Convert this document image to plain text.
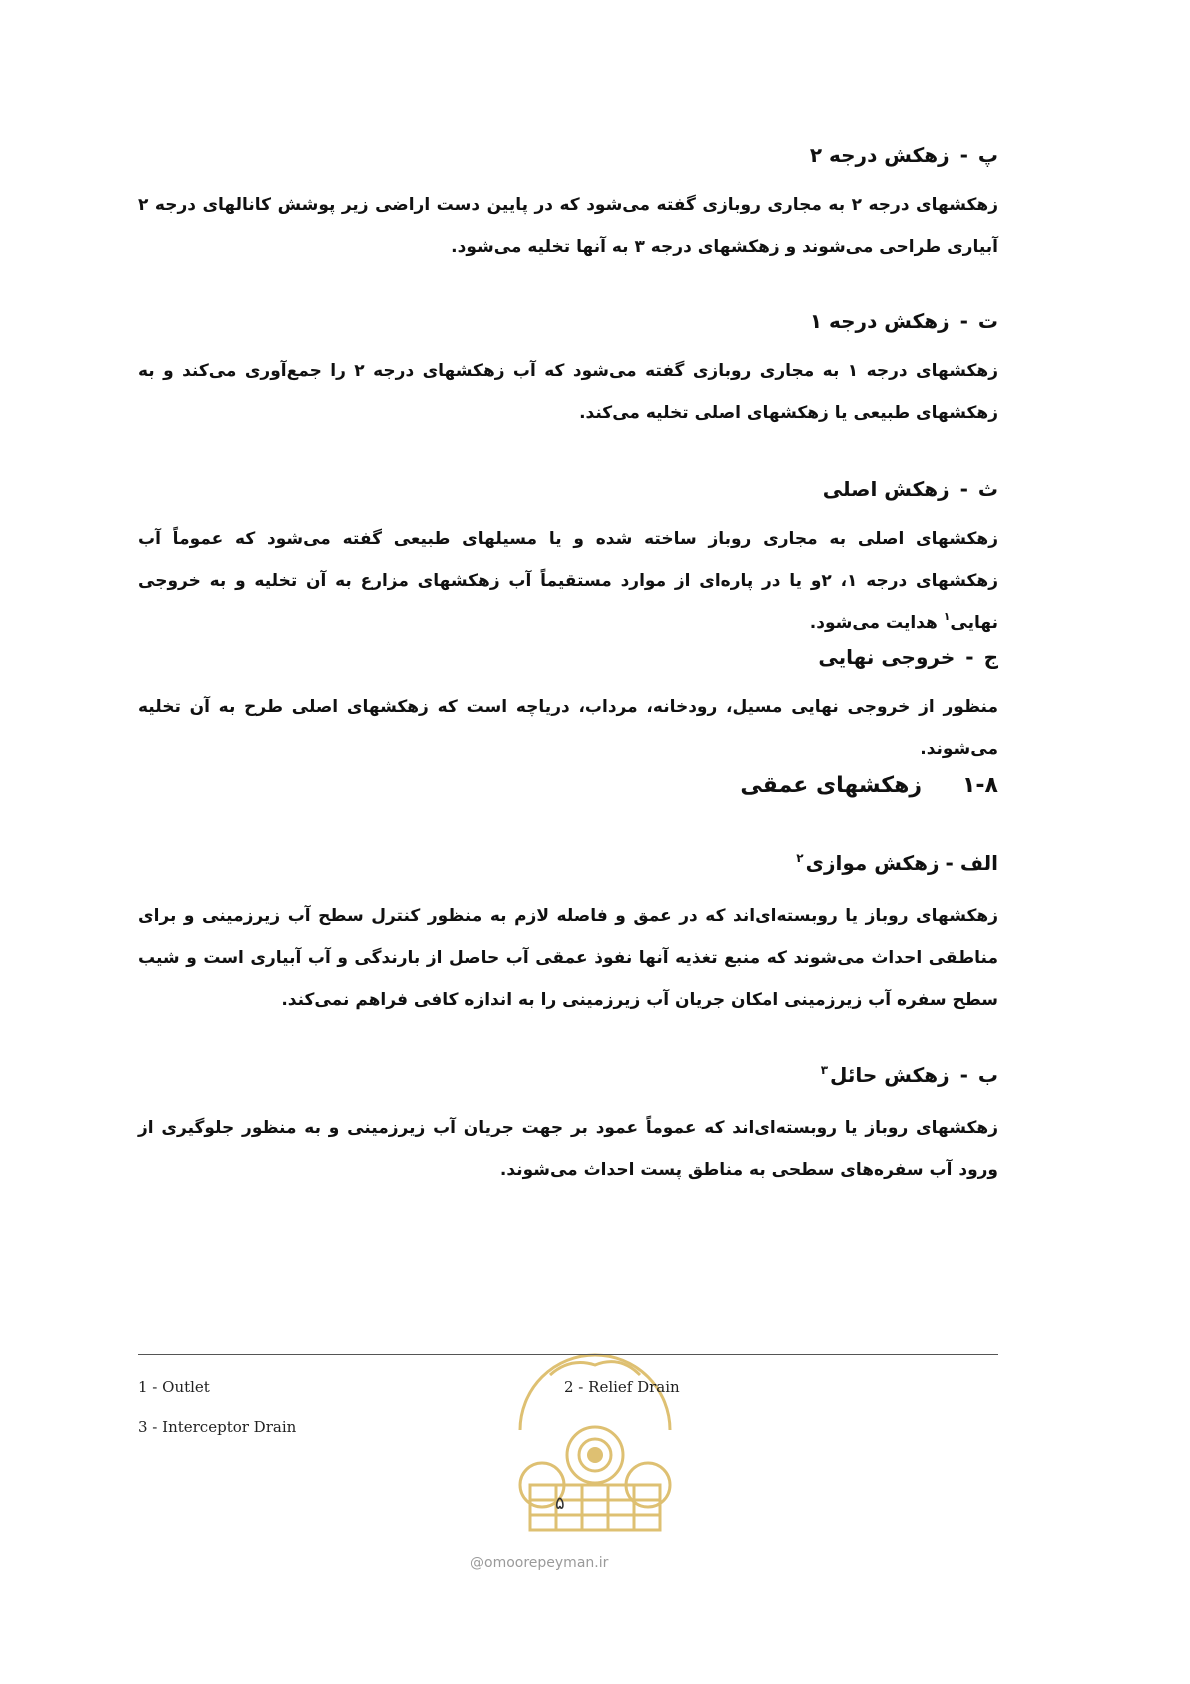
پ-زهکش درجه ۲
زهکشهای درجه ۲ به مجاری روبازی گفته می‌شود که در پایین دست اراضی زیر پوشش کانالهای درجه ۲ آبیاری طراحی می‌شوند و زهکشهای درجه ۳ به آنها تخلیه می‌شود.
ت-زهکش درجه ۱
زهکشهای درجه ۱ به مجاری روبازی گفته می‌شود که آب زهکشهای درجه ۲ را جمع‌آوری می‌کند و به زهکشهای طبیعی یا زهکشهای اصلی تخلیه می‌کند.
ث-زهکش اصلی
زهکشهای اصلی به مجاری روباز ساخته شده و یا مسیلهای طبیعی گفته می‌شود که عموماً آب زهکشهای درجه ۱، ۲و یا در پاره‌ای از موارد مستقیماً آب زهکشهای مزارع به آن تخلیه و به خروجی نهایی$^۱$ هدایت می‌شود.
ج-خروجی نهایی
منظور از خروجی نهایی مسیل، رودخانه، مرداب، دریاچه است که زهکشهای اصلی طرح به آن تخلیه می‌شوند.
۱-۸زهکشهای عمقی
الف-زهکش موازی$^۲$
زهکشهای روباز یا روبسته‌ای‌اند که در عمق و فاصله لازم به منظور کنترل سطح آب زیرزمینی و برای مناطقی احداث می‌شوند که منبع تغذیه آنها نفوذ عمقی آب حاصل از بارندگی و آب آبیاری است و شیب سطح سفره آب زیرزمینی امکان جریان آب زیرزمینی را به اندازه کافی فراهم نمی‌کند.
ب-زهکش حائل$^۳$
زهکشهای روباز یا روبسته‌ای‌اند که عموماً عمود بر جهت جریان آب زیرزمینی و به منظور جلوگیری از ورود آب سفره‌های سطحی به مناطق پست احداث می‌شوند.
1 - Outlet	2 - Relief Drain
3 - Interceptor Drain
۵
@omoorepeyman.ir
